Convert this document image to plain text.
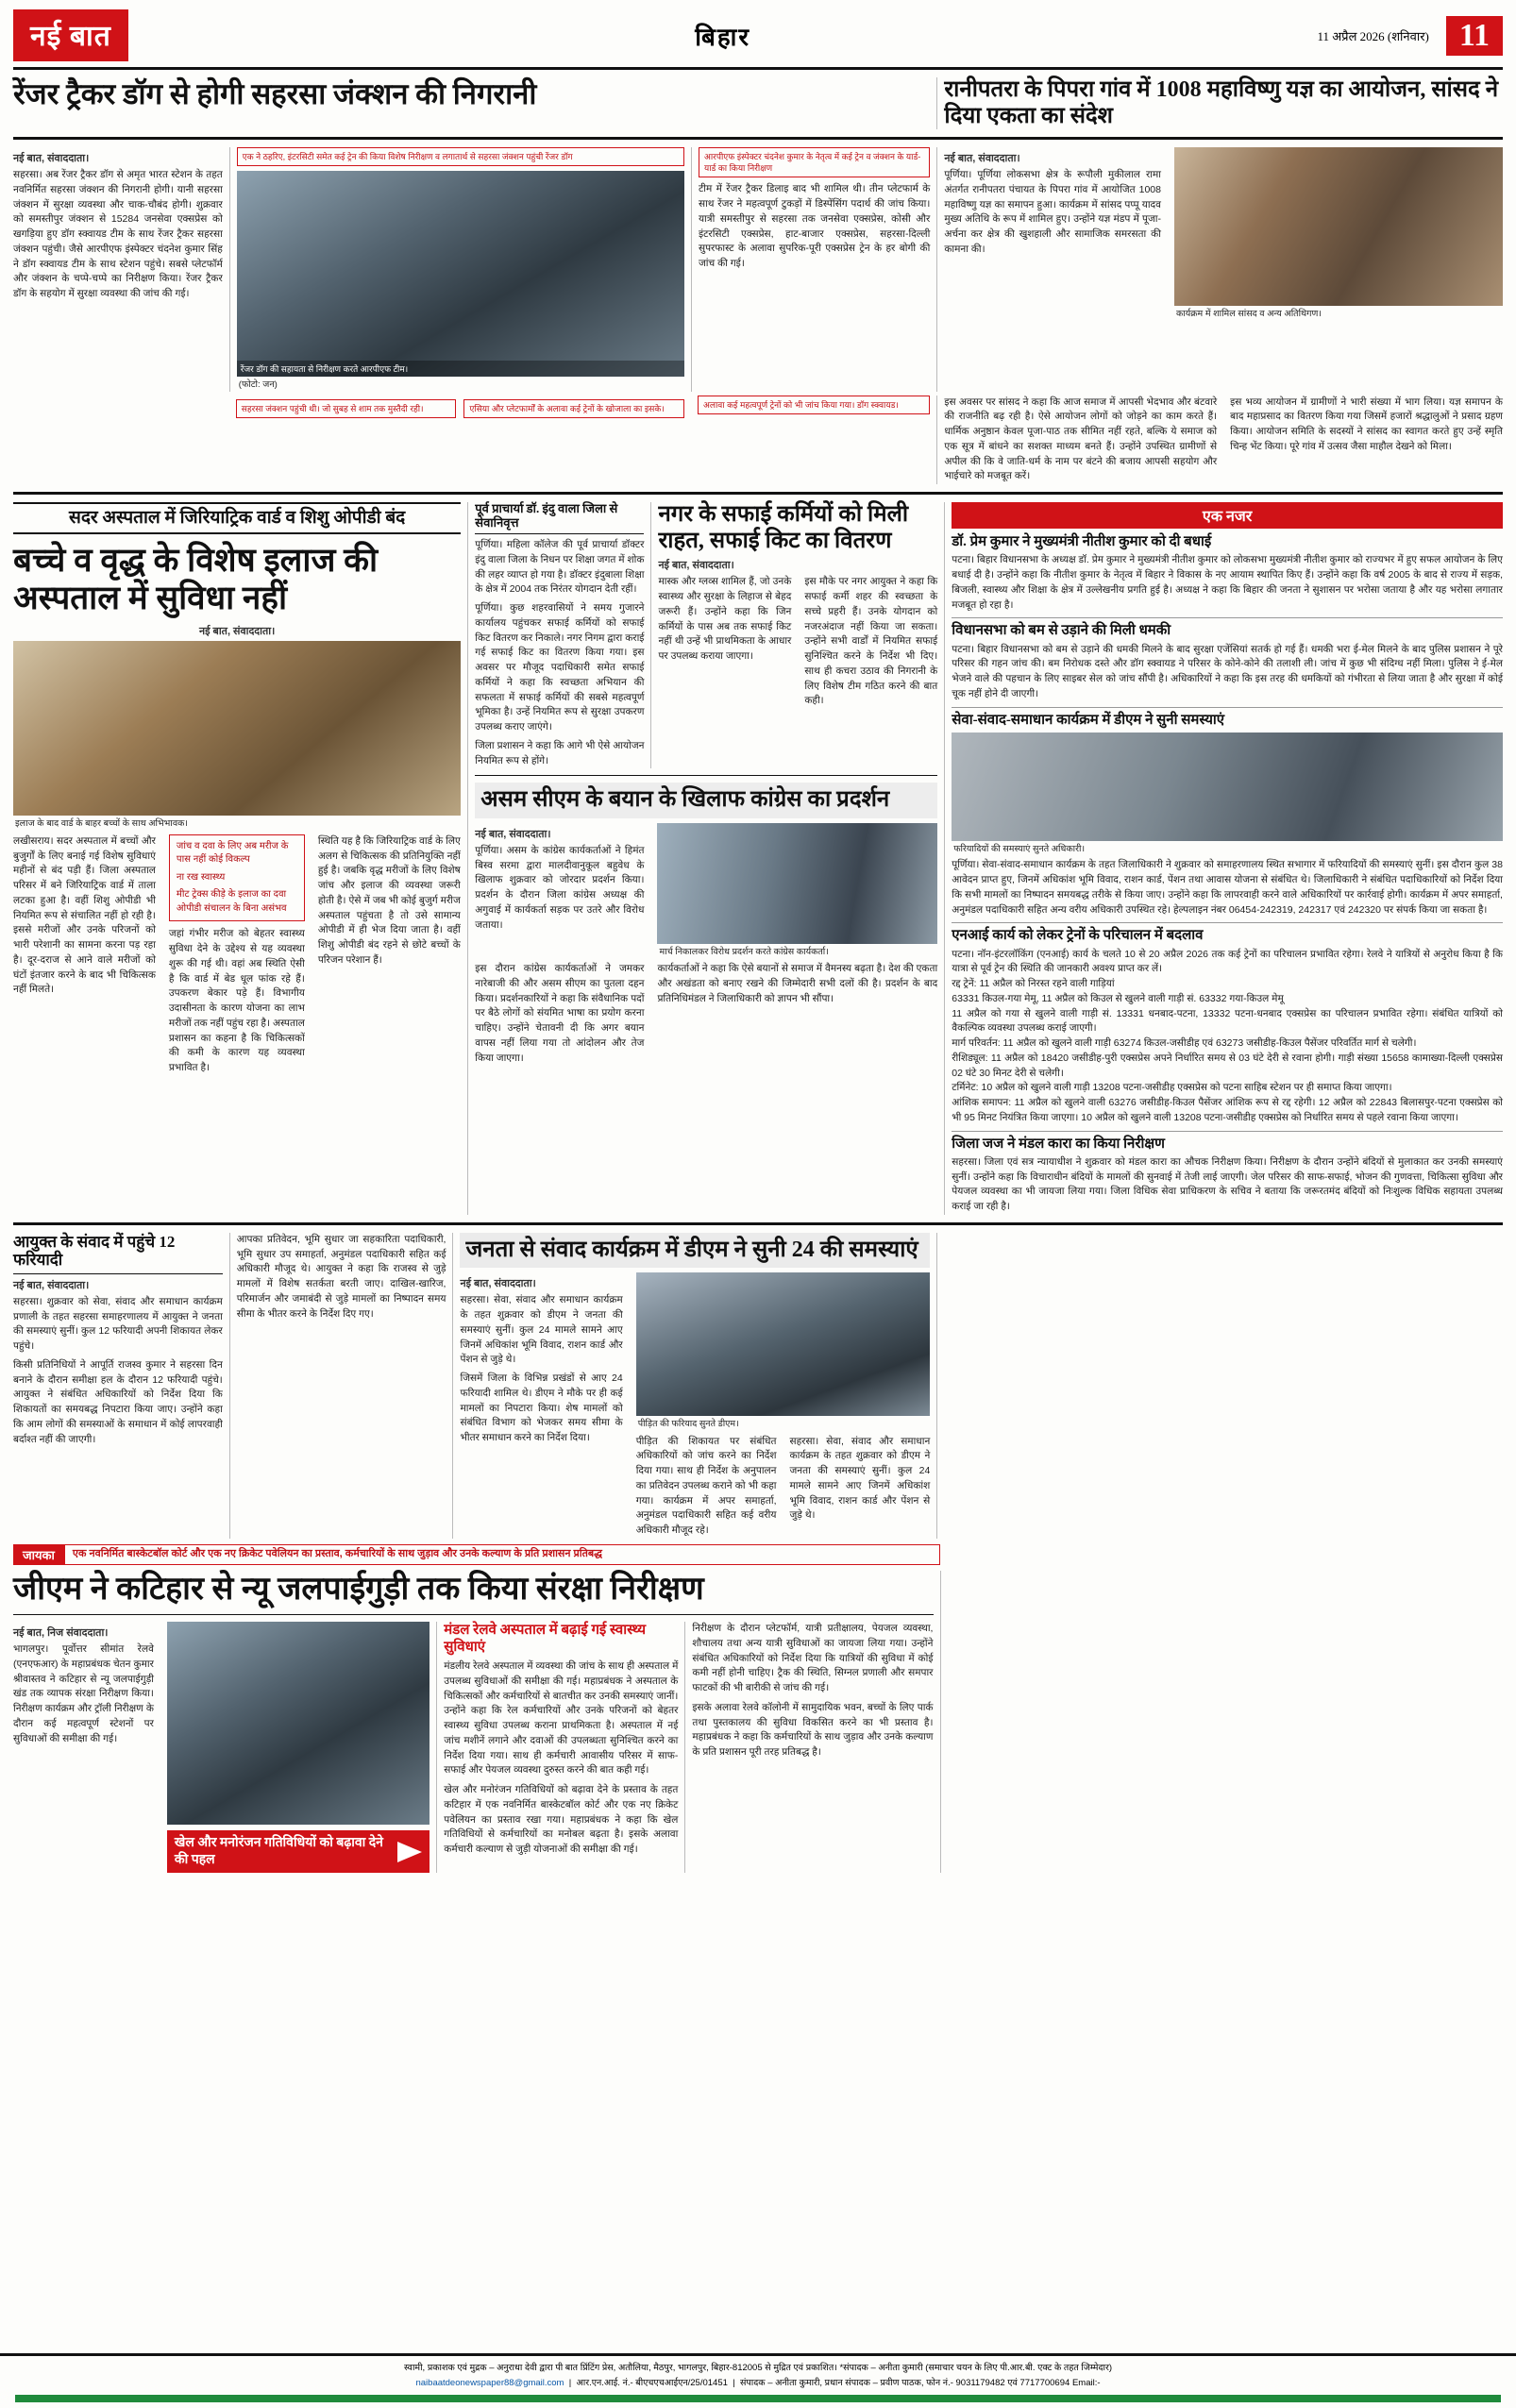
नई बात	बिहार	11 अप्रैल 2026 (शनिवार) 11
रेंजर ट्रैकर डॉग से होगी सहरसा जंक्शन की निगरानी	रानीपतरा के पिपरा गांव में 1008 महाविष्णु यज्ञ का आयोजन, सांसद ने दिया एकता का संदेश
नई बात, संवाददाता।
सहरसा। अब रेंजर ट्रैकर डॉग से अमृत भारत स्टेशन के तहत नवनिर्मित सहरसा जंक्शन की निगरानी होगी। यानी सहरसा जंक्शन में सुरक्षा व्यवस्था और चाक-चौबंद होगी। शुक्रवार को समस्तीपुर जंक्शन से 15284 जनसेवा एक्सप्रेस को खगड़िया हुए डॉग स्क्वायड टीम के साथ रेंजर ट्रैकर सहरसा जंक्शन पहुंची। जैसे आरपीएफ इंस्पेक्टर चंदनेश कुमार सिंह ने डॉग स्क्वायड टीम के साथ स्टेशन पहुंचे। सबसे प्लेटफॉर्म और जंक्शन के चप्पे-चप्पे का निरीक्षण किया। रेंजर ट्रैकर डॉग के सहयोग में सुरक्षा व्यवस्था की जांच की गई।
एक ने ठहरिए, इंटरसिटी समेत कई ट्रेन की किया विशेष निरीक्षण व लगातार्थ से सहरसा जंक्शन पहुंची रेंजर डॉग
रेंजर डॉग की सहायता से निरीक्षण करते आरपीएफ टीम।
(फोटो: जन)
आरपीएफ इंस्पेक्टर चंदनेश कुमार के नेतृत्व में कई ट्रेन व जंक्शन के यार्ड-यार्ड का किया निरीक्षण
टीम में रेंजर ट्रैकर डिलाइ बाद भी शामिल थी। तीन प्लेटफार्म के साथ रेंजर ने महत्वपूर्ण टुकड़ों में डिस्पेंसिंग पदार्थ की जांच किया। यात्री समस्तीपुर से सहरसा तक जनसेवा एक्सप्रेस, कोसी और इंटरसिटी एक्सप्रेस, हाट-बाजार एक्सप्रेस, सहरसा-दिल्ली सुपरफास्ट के अलावा सुपरिक-पूरी एक्सप्रेस ट्रेन के हर बोगी की जांच की गई।
नई बात, संवाददाता।
पूर्णिया। पूर्णिया लोकसभा क्षेत्र के रूपौली मुकीलाल रामा अंतर्गत रानीपतरा पंचायत के पिपरा गांव में आयोजित 1008 महाविष्णु यज्ञ का समापन हुआ। कार्यक्रम में सांसद पप्पू यादव मुख्य अतिथि के रूप में शामिल हुए। उन्होंने यज्ञ मंडप में पूजा-अर्चना कर क्षेत्र की खुशहाली और सामाजिक समरसता की कामना की।
कार्यक्रम में शामिल सांसद व अन्य अतिथिगण।
सहरसा जंक्शन पहुंची थी। जो सुबह से शाम तक मुस्तैदी रही।	एसिया और प्लेटफार्मों के अलावा कई ट्रेनों के खोजाला का इसके।	अलावा कई महत्वपूर्ण ट्रेनों को भी जांच किया गया। डॉग स्क्वायड।	इस अवसर पर सांसद ने कहा कि आज समाज में आपसी भेदभाव और बंटवारे की राजनीति बढ़ रही है। ऐसे आयोजन लोगों को जोड़ने का काम करते हैं। धार्मिक अनुष्ठान केवल पूजा-पाठ तक सीमित नहीं रहते, बल्कि ये समाज को एक सूत्र में बांधने का सशक्त माध्यम बनते हैं। उन्होंने उपस्थित ग्रामीणों से अपील की कि वे जाति-धर्म के नाम पर बंटने की बजाय आपसी सहयोग और भाईचारे को मजबूत करें।
इस भव्य आयोजन में ग्रामीणों ने भारी संख्या में भाग लिया। यज्ञ समापन के बाद महाप्रसाद का वितरण किया गया जिसमें हजारों श्रद्धालुओं ने प्रसाद ग्रहण किया। आयोजन समिति के सदस्यों ने सांसद का स्वागत करते हुए उन्हें स्मृति चिन्ह भेंट किया। पूरे गांव में उत्सव जैसा माहौल देखने को मिला।
सदर अस्पताल में जिरियाट्रिक वार्ड व शिशु ओपीडी बंद
बच्चे व वृद्ध के विशेष इलाज की अस्पताल में सुविधा नहीं
नई बात, संवाददाता।
इलाज के बाद वार्ड के बाहर बच्चों के साथ अभिभावक।
लखीसराय। सदर अस्पताल में बच्चों और बुजुर्गों के लिए बनाई गई विशेष सुविधाएं महीनों से बंद पड़ी हैं। जिला अस्पताल परिसर में बने जिरियाट्रिक वार्ड में ताला लटका हुआ है। वहीं शिशु ओपीडी भी नियमित रूप से संचालित नहीं हो रही है। इससे मरीजों और उनके परिजनों को भारी परेशानी का सामना करना पड़ रहा है। दूर-दराज से आने वाले मरीजों को घंटों इंतजार करने के बाद भी चिकित्सक नहीं मिलते।
जांच व दवा के लिए अब मरीज के पास नहीं कोई विकल्प
ना रख स्वास्थ्य
मीट ट्रेक्स कीड़े के इलाज का दवा ओपीडी संचालन के बिना असंभव
जहां गंभीर मरीज को बेहतर स्वास्थ्य सुविधा देने के उद्देश्य से यह व्यवस्था शुरू की गई थी। वहां अब स्थिति ऐसी है कि वार्ड में बेड धूल फांक रहे हैं। उपकरण बेकार पड़े हैं। विभागीय उदासीनता के कारण योजना का लाभ मरीजों तक नहीं पहुंच रहा है। अस्पताल प्रशासन का कहना है कि चिकित्सकों की कमी के कारण यह व्यवस्था प्रभावित है।
स्थिति यह है कि जिरियाट्रिक वार्ड के लिए अलग से चिकित्सक की प्रतिनियुक्ति नहीं हुई है। जबकि वृद्ध मरीजों के लिए विशेष जांच और इलाज की व्यवस्था जरूरी होती है। ऐसे में जब भी कोई बुजुर्ग मरीज अस्पताल पहुंचता है तो उसे सामान्य ओपीडी में ही भेज दिया जाता है। वहीं शिशु ओपीडी बंद रहने से छोटे बच्चों के परिजन परेशान हैं।
पूर्व प्राचार्या डॉ. इंदु वाला जिला से सेवानिवृत्त
पूर्णिया। महिला कॉलेज की पूर्व प्राचार्या डॉक्टर इंदु वाला जिला के निधन पर शिक्षा जगत में शोक की लहर व्याप्त हो गया है। डॉक्टर इंदुबाला शिक्षा के क्षेत्र में 2004 तक निरंतर योगदान देती रहीं।
पूर्णिया। कुछ शहरवासियों ने समय गुजारने कार्यालय पहुंचकर सफाई कर्मियों को सफाई किट वितरण कर निकाले। नगर निगम द्वारा कराई गई सफाई किट का वितरण किया गया। इस अवसर पर मौजूद पदाधिकारी समेत सफाई कर्मियों ने कहा कि स्वच्छता अभियान की सफलता में सफाई कर्मियों की सबसे महत्वपूर्ण भूमिका है। उन्हें नियमित रूप से सुरक्षा उपकरण उपलब्ध कराए जाएंगे।
जिला प्रशासन ने कहा कि आगे भी ऐसे आयोजन नियमित रूप से होंगे।
नगर के सफाई कर्मियों को मिली राहत, सफाई किट का वितरण
नई बात, संवाददाता।
मास्क और ग्लव्स शामिल हैं, जो उनके स्वास्थ्य और सुरक्षा के लिहाज से बेहद जरूरी हैं। उन्होंने कहा कि जिन कर्मियों के पास अब तक सफाई किट नहीं थी उन्हें भी प्राथमिकता के आधार पर उपलब्ध कराया जाएगा।
इस मौके पर नगर आयुक्त ने कहा कि सफाई कर्मी शहर की स्वच्छता के सच्चे प्रहरी हैं। उनके योगदान को नजरअंदाज नहीं किया जा सकता। उन्होंने सभी वार्डों में नियमित सफाई सुनिश्चित करने के निर्देश भी दिए। साथ ही कचरा उठाव की निगरानी के लिए विशेष टीम गठित करने की बात कही।
असम सीएम के बयान के खिलाफ कांग्रेस का प्रदर्शन
नई बात, संवाददाता।
पूर्णिया। असम के कांग्रेस कार्यकर्ताओं ने हिमंत बिस्व सरमा द्वारा मालदीवानुकूल बहुवेध के खिलाफ शुक्रवार को जोरदार प्रदर्शन किया। प्रदर्शन के दौरान जिला कांग्रेस अध्यक्ष की अगुवाई में कार्यकर्ता सड़क पर उतरे और विरोध जताया।
मार्च निकालकर विरोध प्रदर्शन करते कांग्रेस कार्यकर्ता।
इस दौरान कांग्रेस कार्यकर्ताओं ने जमकर नारेबाजी की और असम सीएम का पुतला दहन किया। प्रदर्शनकारियों ने कहा कि संवैधानिक पदों पर बैठे लोगों को संयमित भाषा का प्रयोग करना चाहिए। उन्होंने चेतावनी दी कि अगर बयान वापस नहीं लिया गया तो आंदोलन और तेज किया जाएगा।
कार्यकर्ताओं ने कहा कि ऐसे बयानों से समाज में वैमनस्य बढ़ता है। देश की एकता और अखंडता को बनाए रखने की जिम्मेदारी सभी दलों की है। प्रदर्शन के बाद प्रतिनिधिमंडल ने जिलाधिकारी को ज्ञापन भी सौंपा।
एक नजर
डॉ. प्रेम कुमार ने मुख्यमंत्री नीतीश कुमार को दी बधाई
पटना। बिहार विधानसभा के अध्यक्ष डॉ. प्रेम कुमार ने मुख्यमंत्री नीतीश कुमार को लोकसभा मुख्यमंत्री नीतीश कुमार को राज्यभर में हुए सफल आयोजन के लिए बधाई दी है। उन्होंने कहा कि नीतीश कुमार के नेतृत्व में बिहार ने विकास के नए आयाम स्थापित किए हैं। उन्होंने कहा कि वर्ष 2005 के बाद से राज्य में सड़क, बिजली, स्वास्थ्य और शिक्षा के क्षेत्र में उल्लेखनीय प्रगति हुई है। अध्यक्ष ने कहा कि बिहार की जनता ने सुशासन पर भरोसा जताया है और यह भरोसा लगातार मजबूत हो रहा है।
विधानसभा को बम से उड़ाने की मिली धमकी
पटना। बिहार विधानसभा को बम से उड़ाने की धमकी मिलने के बाद सुरक्षा एजेंसियां सतर्क हो गई हैं। धमकी भरा ई-मेल मिलने के बाद पुलिस प्रशासन ने पूरे परिसर की गहन जांच की। बम निरोधक दस्ते और डॉग स्क्वायड ने परिसर के कोने-कोने की तलाशी ली। जांच में कुछ भी संदिग्ध नहीं मिला। पुलिस ने ई-मेल भेजने वाले की पहचान के लिए साइबर सेल को जांच सौंपी है। अधिकारियों ने कहा कि इस तरह की धमकियों को गंभीरता से लिया जाता है और सुरक्षा में कोई चूक नहीं होने दी जाएगी।
सेवा-संवाद-समाधान कार्यक्रम में डीएम ने सुनी समस्याएं
फरियादियों की समस्याएं सुनते अधिकारी।
पूर्णिया। सेवा-संवाद-समाधान कार्यक्रम के तहत जिलाधिकारी ने शुक्रवार को समाहरणालय स्थित सभागार में फरियादियों की समस्याएं सुनीं। इस दौरान कुल 38 आवेदन प्राप्त हुए, जिनमें अधिकांश भूमि विवाद, राशन कार्ड, पेंशन तथा आवास योजना से संबंधित थे। जिलाधिकारी ने संबंधित पदाधिकारियों को निर्देश दिया कि सभी मामलों का निष्पादन समयबद्ध तरीके से किया जाए। उन्होंने कहा कि लापरवाही करने वाले अधिकारियों पर कार्रवाई होगी। कार्यक्रम में अपर समाहर्ता, अनुमंडल पदाधिकारी सहित अन्य वरीय अधिकारी उपस्थित रहे। हेल्पलाइन नंबर 06454-242319, 242317 एवं 242320 पर संपर्क किया जा सकता है।
एनआई कार्य को लेकर ट्रेनों के परिचालन में बदलाव
पटना। नॉन-इंटरलॉकिंग (एनआई) कार्य के चलते 10 से 20 अप्रैल 2026 तक कई ट्रेनों का परिचालन प्रभावित रहेगा। रेलवे ने यात्रियों से अनुरोध किया है कि यात्रा से पूर्व ट्रेन की स्थिति की जानकारी अवश्य प्राप्त कर लें।
रद्द ट्रेनें: 11 अप्रैल को निरस्त रहने वाली गाड़ियां
63331 किउल-गया मेमू, 11 अप्रैल को किउल से खुलने वाली गाड़ी सं. 63332 गया-किउल मेमू
11 अप्रैल को गया से खुलने वाली गाड़ी सं. 13331 धनबाद-पटना, 13332 पटना-धनबाद एक्सप्रेस का परिचालन प्रभावित रहेगा। संबंधित यात्रियों को वैकल्पिक व्यवस्था उपलब्ध कराई जाएगी।
मार्ग परिवर्तन: 11 अप्रैल को खुलने वाली गाड़ी 63274 किउल-जसीडीह एवं 63273 जसीडीह-किउल पैसेंजर परिवर्तित मार्ग से चलेगी।
रीशिड्यूल: 11 अप्रैल को 18420 जसीडीह-पुरी एक्सप्रेस अपने निर्धारित समय से 03 घंटे देरी से रवाना होगी। गाड़ी संख्या 15658 कामाख्या-दिल्ली एक्सप्रेस 02 घंटे 30 मिनट देरी से चलेगी।
टर्मिनेट: 10 अप्रैल को खुलने वाली गाड़ी 13208 पटना-जसीडीह एक्सप्रेस को पटना साहिब स्टेशन पर ही समाप्त किया जाएगा।
आंशिक समापन: 11 अप्रैल को खुलने वाली 63276 जसीडीह-किउल पैसेंजर आंशिक रूप से रद्द रहेगी। 12 अप्रैल को 22843 बिलासपुर-पटना एक्सप्रेस को भी 95 मिनट नियंत्रित किया जाएगा। 10 अप्रैल को खुलने वाली 13208 पटना-जसीडीह एक्सप्रेस को निर्धारित समय से पहले रवाना किया जाएगा।
जिला जज ने मंडल कारा का किया निरीक्षण
सहरसा। जिला एवं सत्र न्यायाधीश ने शुक्रवार को मंडल कारा का औचक निरीक्षण किया। निरीक्षण के दौरान उन्होंने बंदियों से मुलाकात कर उनकी समस्याएं सुनीं। उन्होंने कहा कि विचाराधीन बंदियों के मामलों की सुनवाई में तेजी लाई जाएगी। जेल परिसर की साफ-सफाई, भोजन की गुणवत्ता, चिकित्सा सुविधा और पेयजल व्यवस्था का भी जायजा लिया गया। जिला विधिक सेवा प्राधिकरण के सचिव ने बताया कि जरूरतमंद बंदियों को निःशुल्क विधिक सहायता उपलब्ध कराई जा रही है।
आयुक्त के संवाद में पहुंचे 12 फरियादी
नई बात, संवाददाता।
सहरसा। शुक्रवार को सेवा, संवाद और समाधान कार्यक्रम प्रणाली के तहत सहरसा समाहरणालय में आयुक्त ने जनता की समस्याएं सुनीं। कुल 12 फरियादी अपनी शिकायत लेकर पहुंचे।
किसी प्रतिनिधियों ने आपूर्ति राजस्व कुमार ने सहरसा दिन बनाने के दौरान समीक्षा हल के दौरान 12 फरियादी पहुंचे। आयुक्त ने संबंधित अधिकारियों को निर्देश दिया कि शिकायतों का समयबद्ध निपटारा किया जाए। उन्होंने कहा कि आम लोगों की समस्याओं के समाधान में कोई लापरवाही बर्दाश्त नहीं की जाएगी।
आपका प्रतिवेदन, भूमि सुधार जा सहकारिता पदाधिकारी, भूमि सुधार उप समाहर्ता, अनुमंडल पदाधिकारी सहित कई अधिकारी मौजूद थे। आयुक्त ने कहा कि राजस्व से जुड़े मामलों में विशेष सतर्कता बरती जाए। दाखिल-खारिज, परिमार्जन और जमाबंदी से जुड़े मामलों का निष्पादन समय सीमा के भीतर करने के निर्देश दिए गए।
जनता से संवाद कार्यक्रम में डीएम ने सुनी 24 की समस्याएं
नई बात, संवाददाता।
सहरसा। सेवा, संवाद और समाधान कार्यक्रम के तहत शुक्रवार को डीएम ने जनता की समस्याएं सुनीं। कुल 24 मामले सामने आए जिनमें अधिकांश भूमि विवाद, राशन कार्ड और पेंशन से जुड़े थे।
जिसमें जिला के विभिन्न प्रखंडों से आए 24 फरियादी शामिल थे। डीएम ने मौके पर ही कई मामलों का निपटारा किया। शेष मामलों को संबंधित विभाग को भेजकर समय सीमा के भीतर समाधान करने का निर्देश दिया।
पीड़ित की फरियाद सुनते डीएम।
पीड़ित की शिकायत पर संबंधित अधिकारियों को जांच करने का निर्देश दिया गया। साथ ही निर्देश के अनुपालन का प्रतिवेदन उपलब्ध कराने को भी कहा गया। कार्यक्रम में अपर समाहर्ता, अनुमंडल पदाधिकारी सहित कई वरीय अधिकारी मौजूद रहे।
सहरसा। सेवा, संवाद और समाधान कार्यक्रम के तहत शुक्रवार को डीएम ने जनता की समस्याएं सुनीं। कुल 24 मामले सामने आए जिनमें अधिकांश भूमि विवाद, राशन कार्ड और पेंशन से जुड़े थे।
जायका	एक नवनिर्मित बास्केटबॉल कोर्ट और एक नए क्रिकेट पवेलियन का प्रस्ताव, कर्मचारियों के साथ जुड़ाव और उनके कल्याण के प्रति प्रशासन प्रतिबद्ध
जीएम ने कटिहार से न्यू जलपाईगुड़ी तक किया संरक्षा निरीक्षण
नई बात, निज संवाददाता।
भागलपुर। पूर्वोत्तर सीमांत रेलवे (एनएफआर) के महाप्रबंधक चेतन कुमार श्रीवास्तव ने कटिहार से न्यू जलपाईगुड़ी खंड तक व्यापक संरक्षा निरीक्षण किया। निरीक्षण कार्यक्रम और ट्रॉली निरीक्षण के दौरान कई महत्वपूर्ण स्टेशनों पर सुविधाओं की समीक्षा की गई।
खेल और मनोरंजन गतिविधियों को बढ़ावा देने की पहल
मंडल रेलवे अस्पताल में बढ़ाई गई स्वास्थ्य सुविधाएं
मंडलीय रेलवे अस्पताल में व्यवस्था की जांच के साथ ही अस्पताल में उपलब्ध सुविधाओं की समीक्षा की गई। महाप्रबंधक ने अस्पताल के चिकित्सकों और कर्मचारियों से बातचीत कर उनकी समस्याएं जानीं। उन्होंने कहा कि रेल कर्मचारियों और उनके परिजनों को बेहतर स्वास्थ्य सुविधा उपलब्ध कराना प्राथमिकता है। अस्पताल में नई जांच मशीनें लगाने और दवाओं की उपलब्धता सुनिश्चित करने का निर्देश दिया गया। साथ ही कर्मचारी आवासीय परिसर में साफ-सफाई और पेयजल व्यवस्था दुरुस्त करने की बात कही गई।
खेल और मनोरंजन गतिविधियों को बढ़ावा देने के प्रस्ताव के तहत कटिहार में एक नवनिर्मित बास्केटबॉल कोर्ट और एक नए क्रिकेट पवेलियन का प्रस्ताव रखा गया। महाप्रबंधक ने कहा कि खेल गतिविधियों से कर्मचारियों का मनोबल बढ़ता है। इसके अलावा कर्मचारी कल्याण से जुड़ी योजनाओं की समीक्षा की गई।
निरीक्षण के दौरान प्लेटफॉर्म, यात्री प्रतीक्षालय, पेयजल व्यवस्था, शौचालय तथा अन्य यात्री सुविधाओं का जायजा लिया गया। उन्होंने संबंधित अधिकारियों को निर्देश दिया कि यात्रियों की सुविधा में कोई कमी नहीं होनी चाहिए। ट्रैक की स्थिति, सिग्नल प्रणाली और समपार फाटकों की भी बारीकी से जांच की गई।
इसके अलावा रेलवे कॉलोनी में सामुदायिक भवन, बच्चों के लिए पार्क तथा पुस्तकालय की सुविधा विकसित करने का भी प्रस्ताव है। महाप्रबंधक ने कहा कि कर्मचारियों के साथ जुड़ाव और उनके कल्याण के प्रति प्रशासन पूरी तरह प्रतिबद्ध है।
स्वामी, प्रकाशक एवं मुद्रक – अनुराधा देवी द्वारा पी बात प्रिंटिंग प्रेस, अतौलिया, मैठपुर, भागलपुर, बिहार-812005 से मुद्रित एवं प्रकाशित। *संपादक – अनीता कुमारी (समाचार चयन के लिए पी.आर.बी. एक्ट के तहत जिम्मेदार)
naibaatdeonewspaper88@gmail.com  |  आर.एन.आई. नं.- बीएचएचआईएन/25/01451  |  संपादक – अनीता कुमारी, प्रधान संपादक – प्रवीण पाठक, फोन नं.- 9031179482 एवं 7717700694 Email:-
